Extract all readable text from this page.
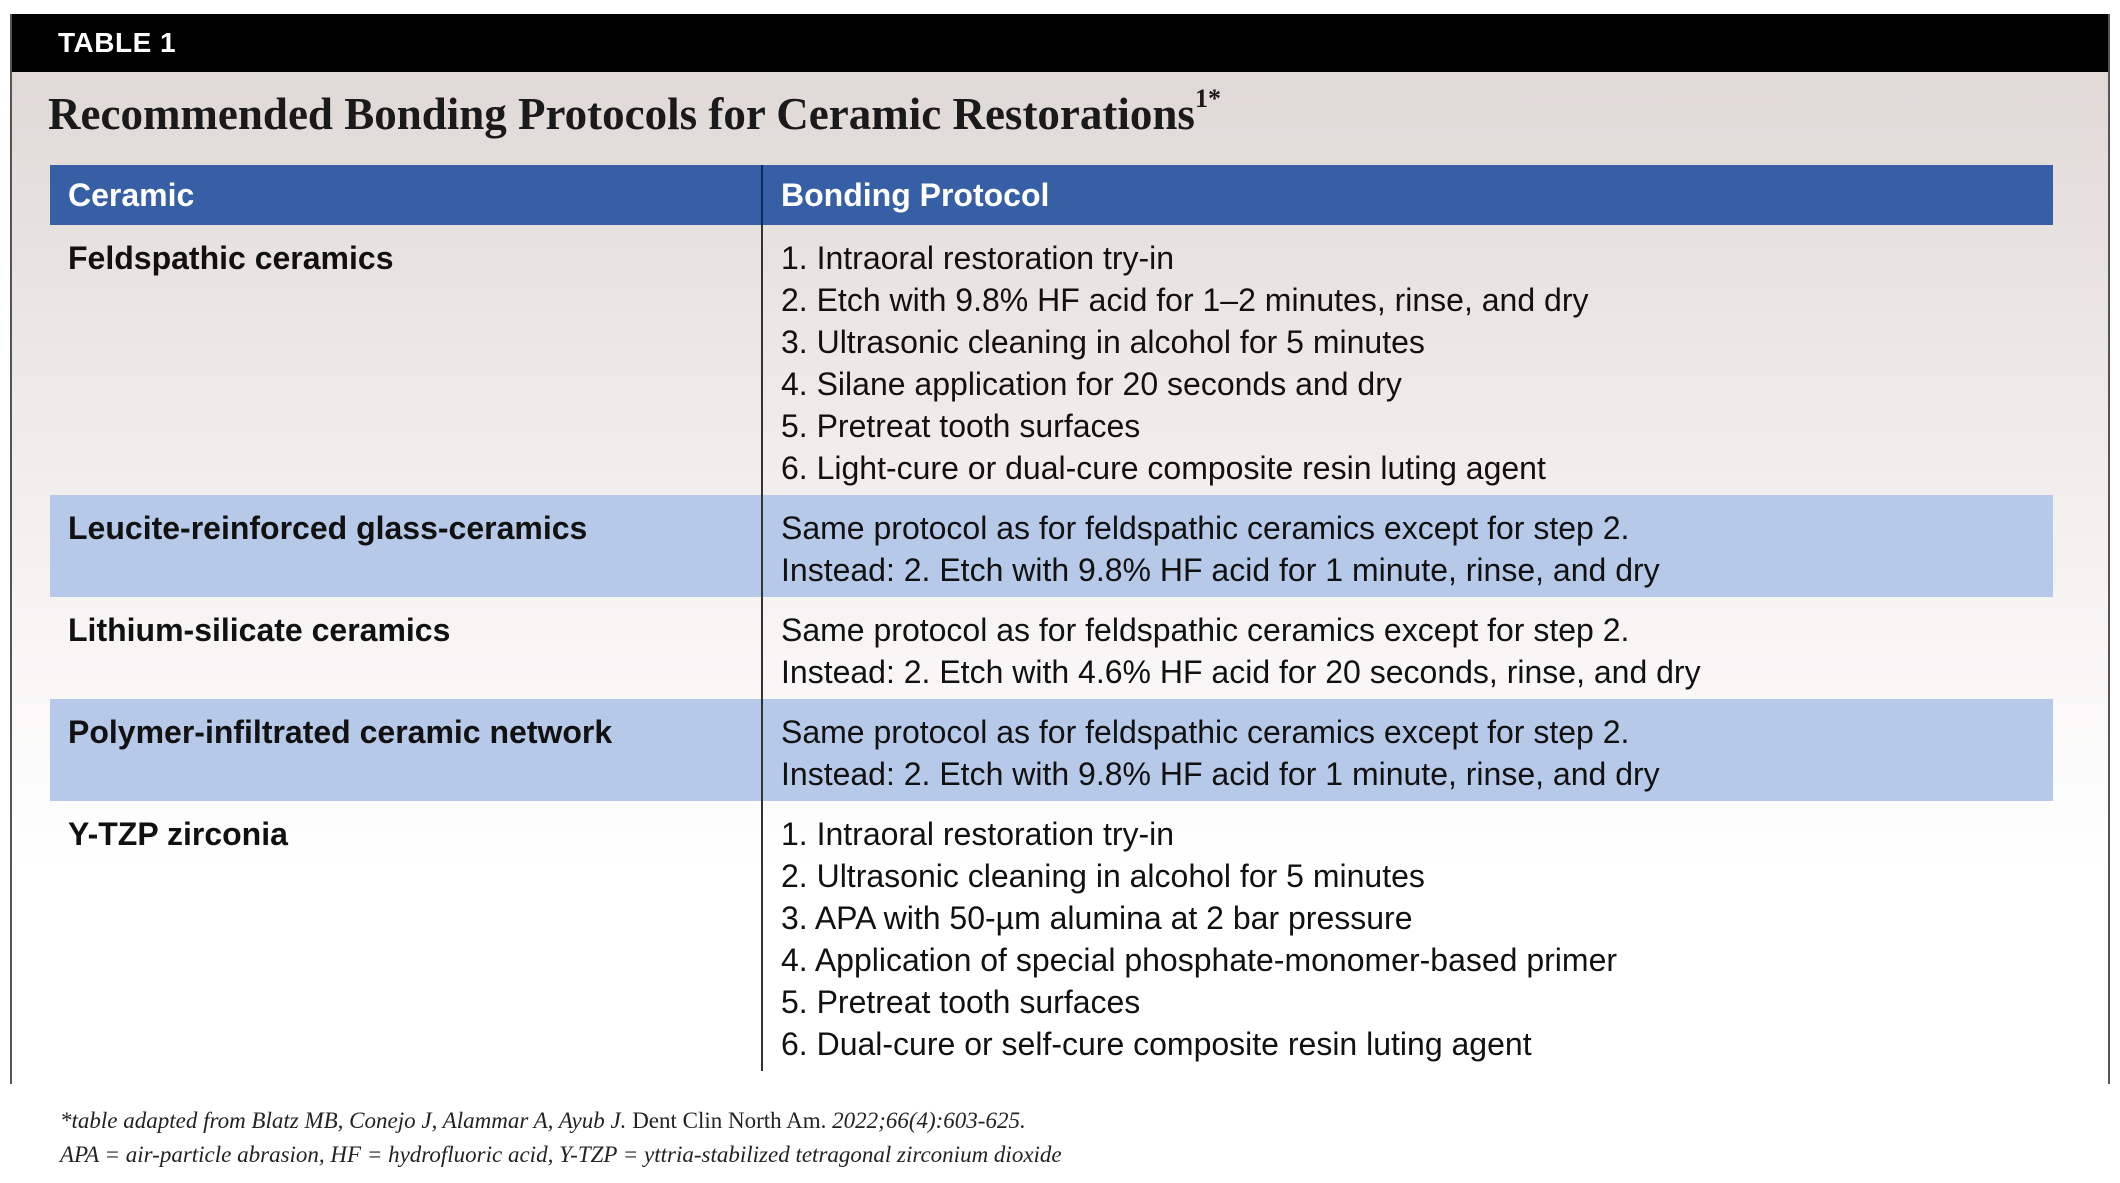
TABLE 1
Recommended Bonding Protocols for Ceramic Restorations$^{1*}$
Ceramic	Bonding Protocol
Feldspathic ceramics	1. Intraoral restoration try-in
2. Etch with 9.8% HF acid for 1–2 minutes, rinse, and dry
3. Ultrasonic cleaning in alcohol for 5 minutes
4. Silane application for 20 seconds and dry
5. Pretreat tooth surfaces
6. Light-cure or dual-cure composite resin luting agent
Leucite-reinforced glass-ceramics	Same protocol as for feldspathic ceramics except for step 2.
Instead: 2. Etch with 9.8% HF acid for 1 minute, rinse, and dry
Lithium-silicate ceramics	Same protocol as for feldspathic ceramics except for step 2.
Instead: 2. Etch with 4.6% HF acid for 20 seconds, rinse, and dry
Polymer-infiltrated ceramic network	Same protocol as for feldspathic ceramics except for step 2.
Instead: 2. Etch with 9.8% HF acid for 1 minute, rinse, and dry
Y-TZP zirconia	1. Intraoral restoration try-in
2. Ultrasonic cleaning in alcohol for 5 minutes
3. APA with 50-µm alumina at 2 bar pressure
4. Application of special phosphate-monomer-based primer
5. Pretreat tooth surfaces
6. Dual-cure or self-cure composite resin luting agent
*table adapted from Blatz MB, Conejo J, Alammar A, Ayub J. Dent Clin North Am. 2022;66(4):603-625.
APA = air-particle abrasion, HF = hydrofluoric acid, Y-TZP = yttria-stabilized tetragonal zirconium dioxide
